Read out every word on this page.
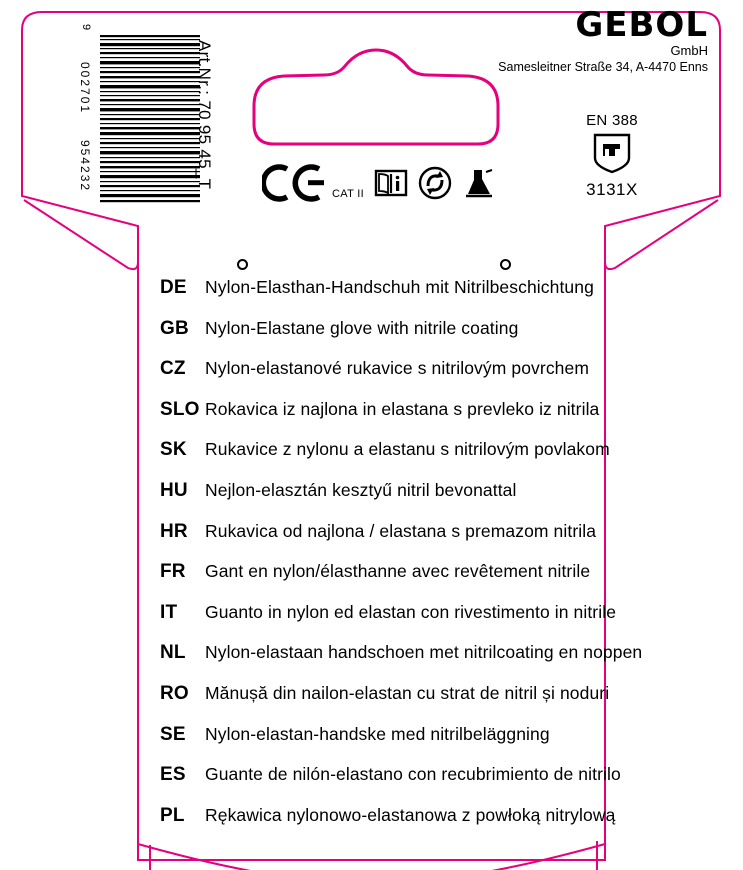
9
002701
954232	Art.Nr.: 70 95 45_T
GEBOL
GmbH
Samesleitner Straße 34, A-4470 Enns
EN 388
3131X
CAT II
DE	Nylon-Elasthan-Handschuh mit Nitrilbeschichtung
GB Nylon-Elastane glove with nitrile coating
CZ	Nylon-elastanové rukavice s nitrilovým povrchem
SLO Rokavica iz najlona in elastana s prevleko iz nitrila
SK	Rukavice z nylonu a elastanu s nitrilovým povlakom
HU Nejlon-elasztán kesztyű nitril bevonattal
HR Rukavica od najlona / elastana s premazom nitrila
FR	Gant en nylon/élasthanne avec revêtement nitrile
IT	Guanto in nylon ed elastan con rivestimento in nitrile
NL	Nylon-elastaan handschoen met nitrilcoating en noppen
RO Mănușă din nailon-elastan cu strat de nitril și noduri
SE	Nylon-elastan-handske med nitrilbeläggning
ES	Guante de nilón-elastano con recubrimiento de nitrilo
PL	Rękawica nylonowo-elastanowa z powłoką nitrylową
